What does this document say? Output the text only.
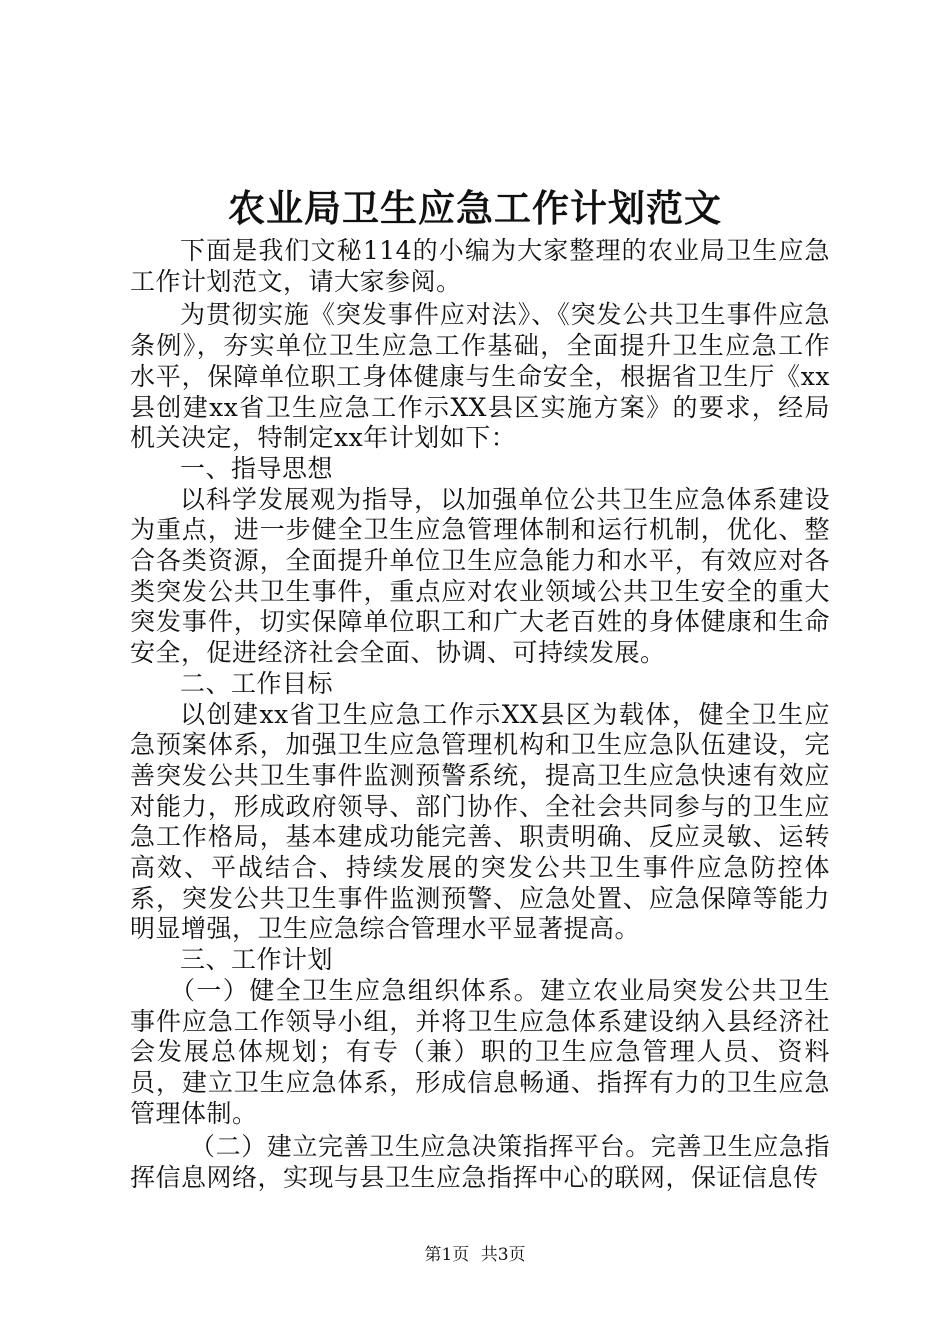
农业局卫生应急工作计划范文

下面是我们文秘114的小编为大家整理的农业局卫生应急工作计划范文，请大家参阅。

为贯彻实施《突发事件应对法》、《突发公共卫生事件应急条例》，夯实单位卫生应急工作基础，全面提升卫生应急工作水平，保障单位职工身体健康与生命安全，根据省卫生厅《xx县创建xx省卫生应急工作示XX县区实施方案》的要求，经局机关决定，特制定xx年计划如下：

一、指导思想

以科学发展观为指导，以加强单位公共卫生应急体系建设为重点，进一步健全卫生应急管理体制和运行机制，优化、整合各类资源，全面提升单位卫生应急能力和水平，有效应对各类突发公共卫生事件，重点应对农业领域公共卫生安全的重大突发事件，切实保障单位职工和广大老百姓的身体健康和生命安全，促进经济社会全面、协调、可持续发展。

二、工作目标

以创建xx省卫生应急工作示XX县区为载体，健全卫生应急预案体系，加强卫生应急管理机构和卫生应急队伍建设，完善突发公共卫生事件监测预警系统，提高卫生应急快速有效应对能力，形成政府领导、部门协作、全社会共同参与的卫生应急工作格局，基本建成功能完善、职责明确、反应灵敏、运转高效、平战结合、持续发展的突发公共卫生事件应急防控体系，突发公共卫生事件监测预警、应急处置、应急保障等能力明显增强，卫生应急综合管理水平显著提高。

三、工作计划

（一）健全卫生应急组织体系。建立农业局突发公共卫生事件应急工作领导小组，并将卫生应急体系建设纳入县经济社会发展总体规划；有专（兼）职的卫生应急管理人员、资料员，建立卫生应急体系，形成信息畅通、指挥有力的卫生应急管理体制。

（二）建立完善卫生应急决策指挥平台。完善卫生应急指挥信息网络，实现与县卫生应急指挥中心的联网，保证信息传

第1页 共3页
